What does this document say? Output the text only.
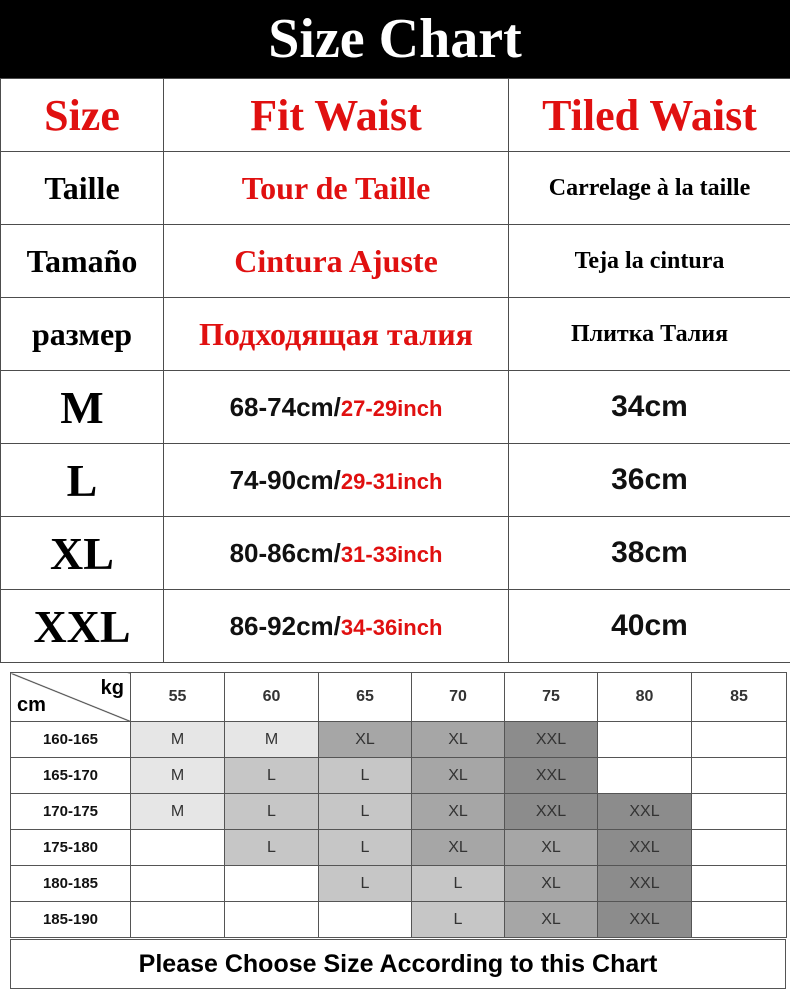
Size Chart
Size	Fit Waist	Tiled Waist
Taille	Tour de Taille	Carrelage à la taille
Tamaño	Cintura Ajuste	Teja la cintura
размер	Подходящая талия	Плитка Талия
M	68-74cm/27-29inch	34cm
L	74-90cm/29-31inch	36cm
XL	80-86cm/31-33inch	38cm
XXL	86-92cm/34-36inch	40cm
kg
cm	55	60	65	70	75	80	85
160-165	M	M	XL	XL	XXL		
165-170	M	L	L	XL	XXL		
170-175	M	L	L	XL	XXL	XXL	
175-180		L	L	XL	XL	XXL	
180-185			L	L	XL	XXL	
185-190				L	XL	XXL	
Please Choose Size According to this Chart
